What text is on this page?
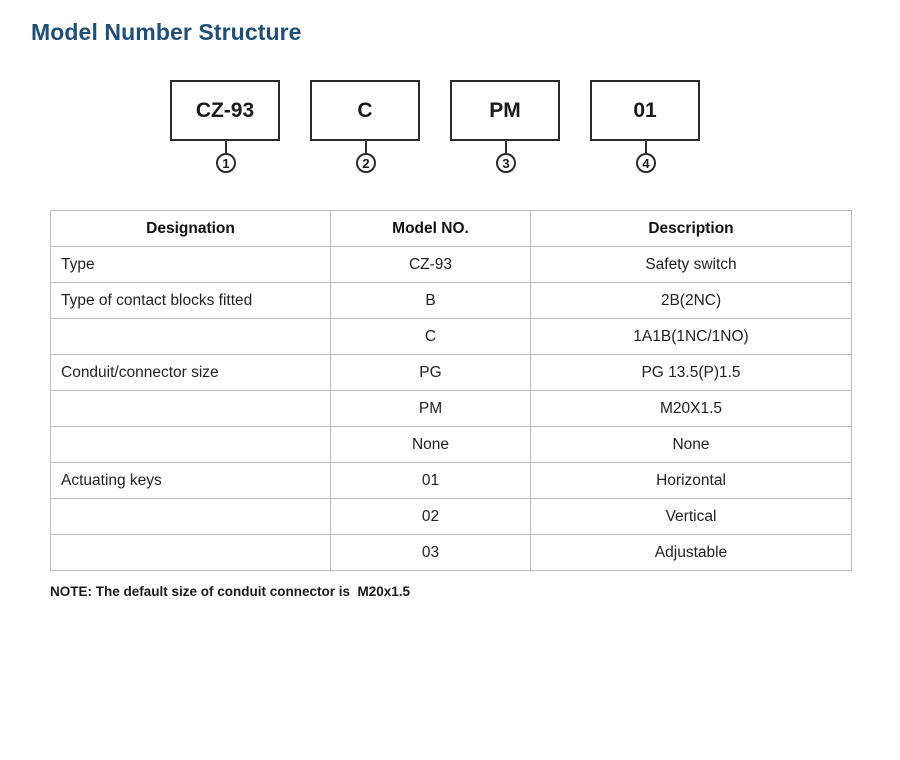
Model Number Structure
CZ-93
1
C
2
PM
3
01
4
Designation	Model NO.	Description
Type	CZ-93	Safety switch
Type of contact blocks fitted	B	2B(2NC)
	C	1A1B(1NC/1NO)
Conduit/connector size	PG	PG 13.5(P)1.5
	PM	M20X1.5
	None	None
Actuating keys	01	Horizontal
	02	Vertical
	03	Adjustable

NOTE: The default size of conduit connector is  M20x1.5
